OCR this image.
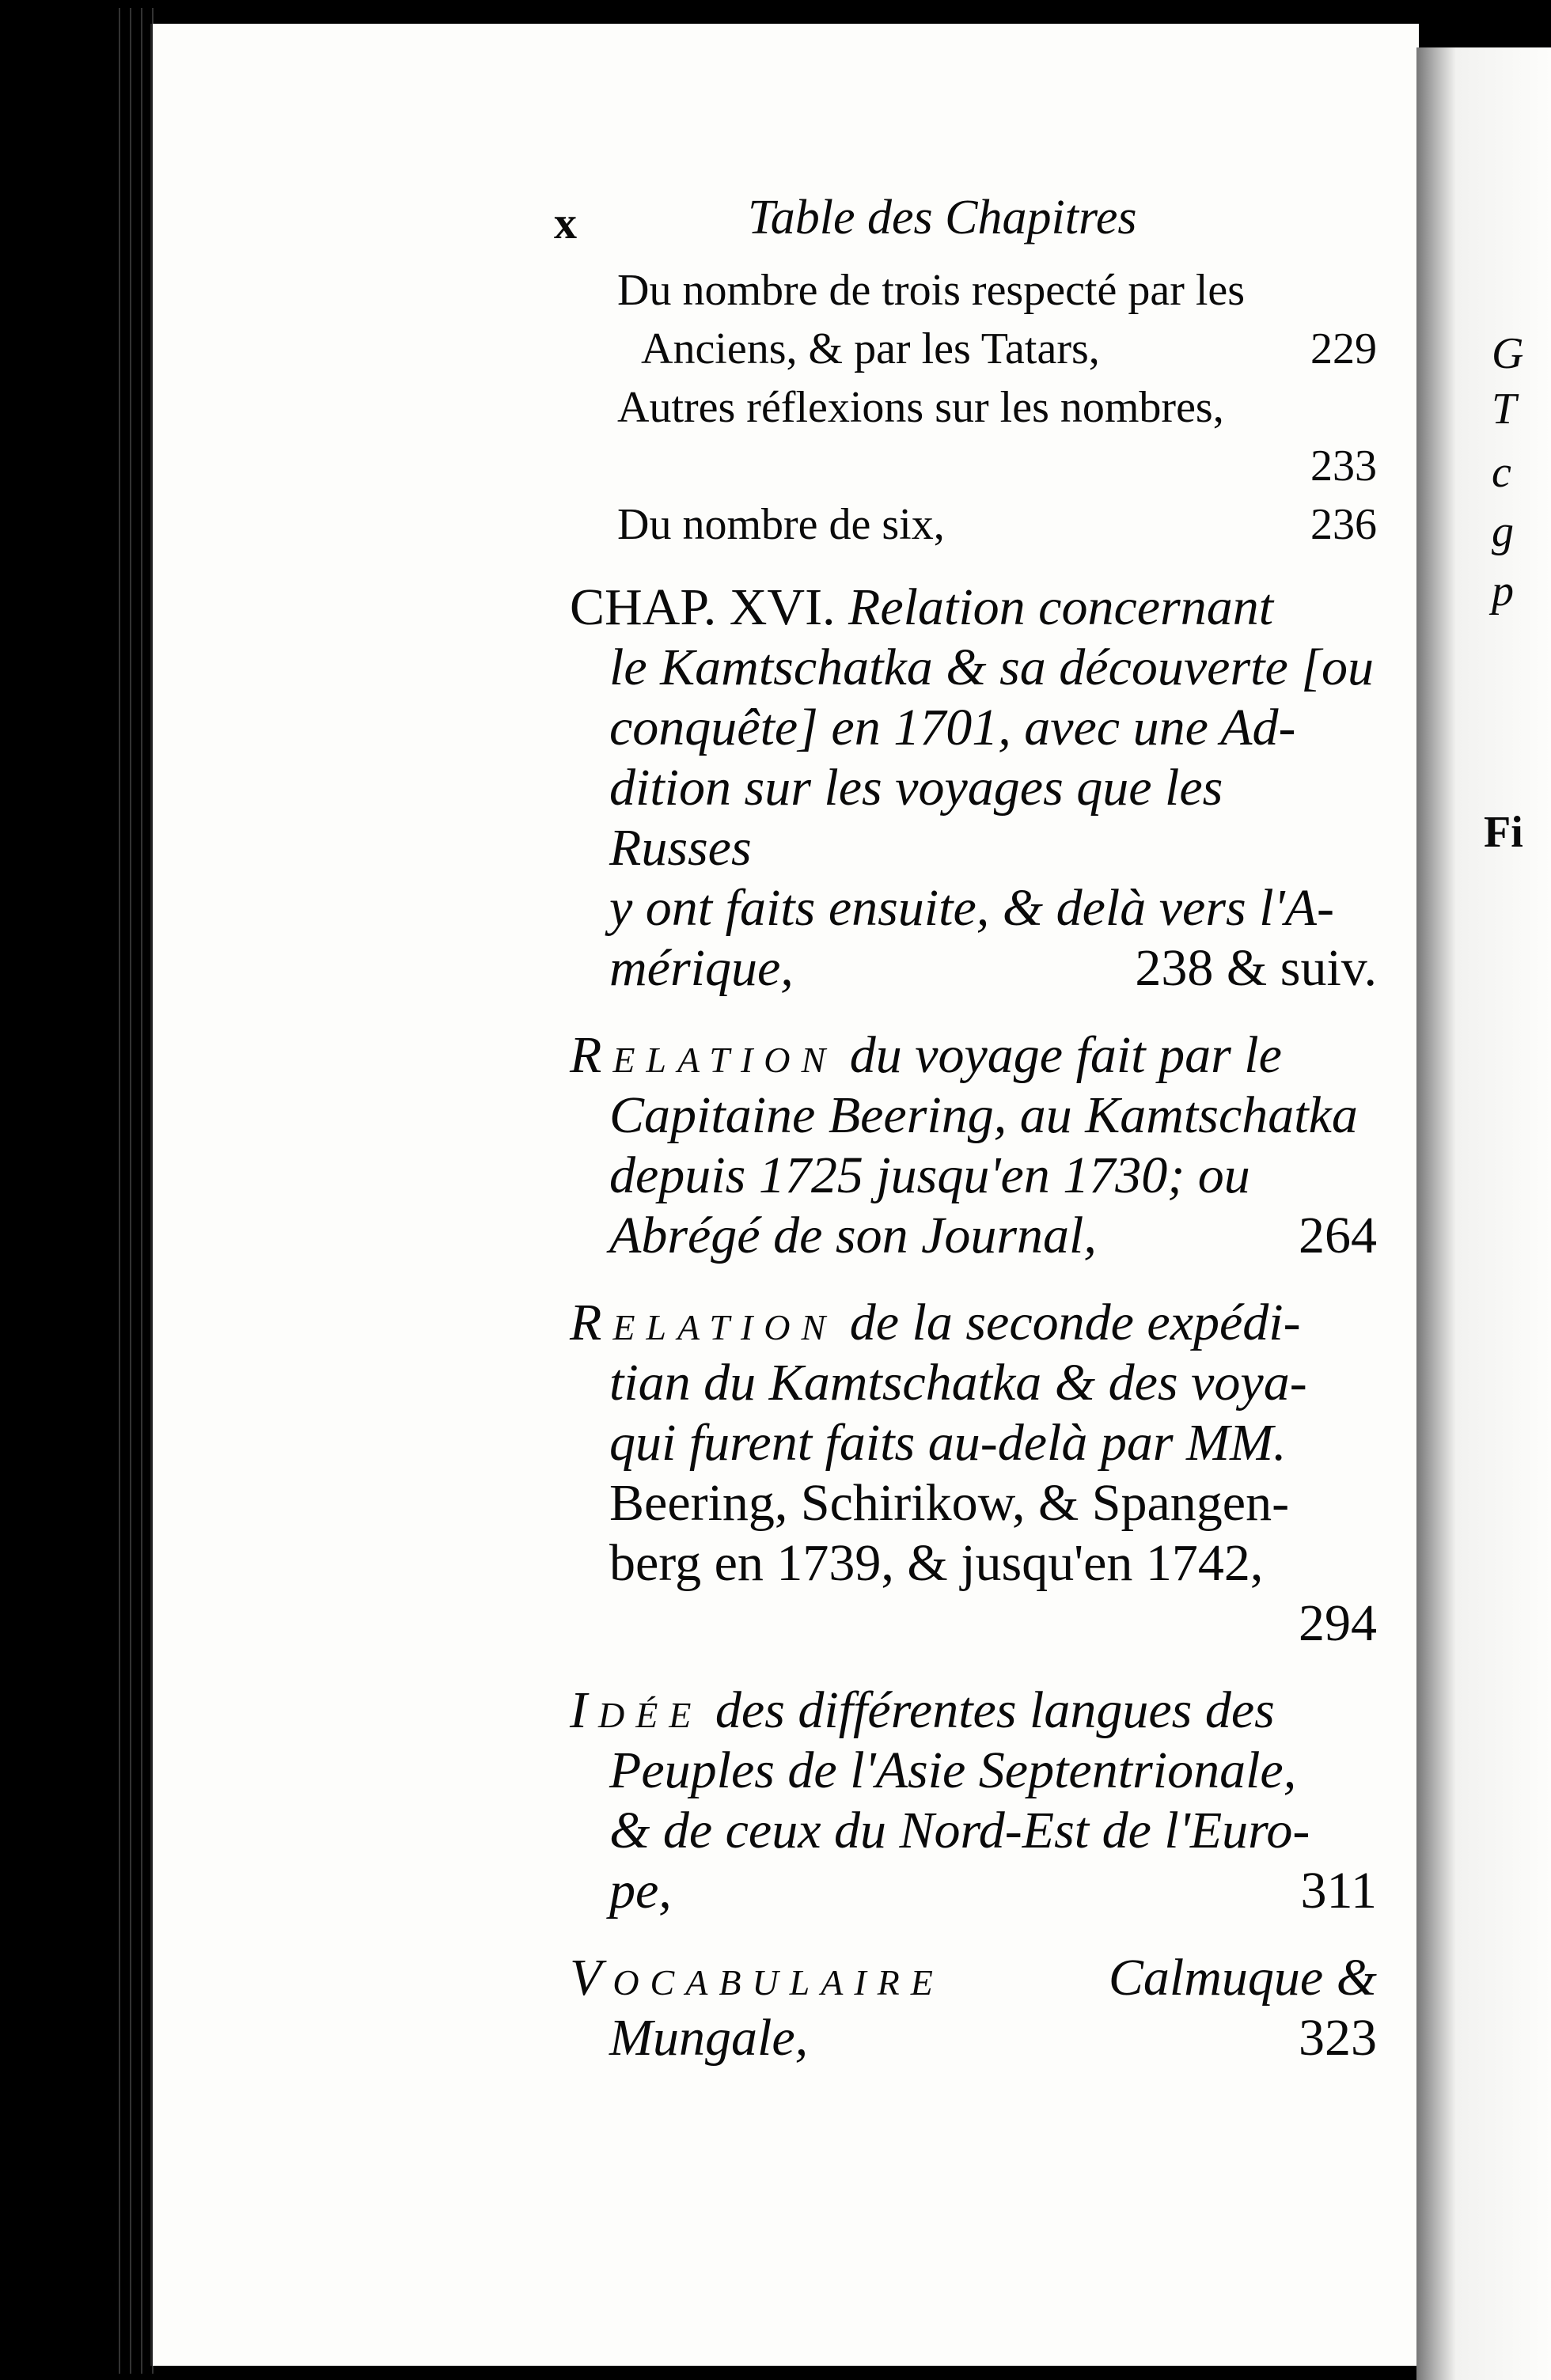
G
T
c
g
p
Fi
x	Table des Chapitres
Du nombre de trois respecté par les
Anciens, & par les Tatars,	229
Autres réflexions sur les nombres,
233
Du nombre de six,	236
CHAP. XVI. Relation concernant
le Kamtschatka & sa découverte [ou
conquête] en 1701, avec une Ad-
dition sur les voyages que les Russes
y ont faits ensuite, & delà vers l'A-
mérique,	238 & suiv.
Relation du voyage fait par le
Capitaine Beering, au Kamtschatka
depuis 1725 jusqu'en 1730; ou
Abrégé de son Journal,	264
Relation de la seconde expédi-
tian du Kamtschatka & des voya-
qui furent faits au-delà par MM.
Beering, Schirikow, & Spangen-
berg en 1739, & jusqu'en 1742,
294
Idée des différentes langues des
Peuples de l'Asie Septentrionale,
& de ceux du Nord-Est de l'Euro-
pe,	311
Vocabulaire	Calmuque &
Mungale,	323
